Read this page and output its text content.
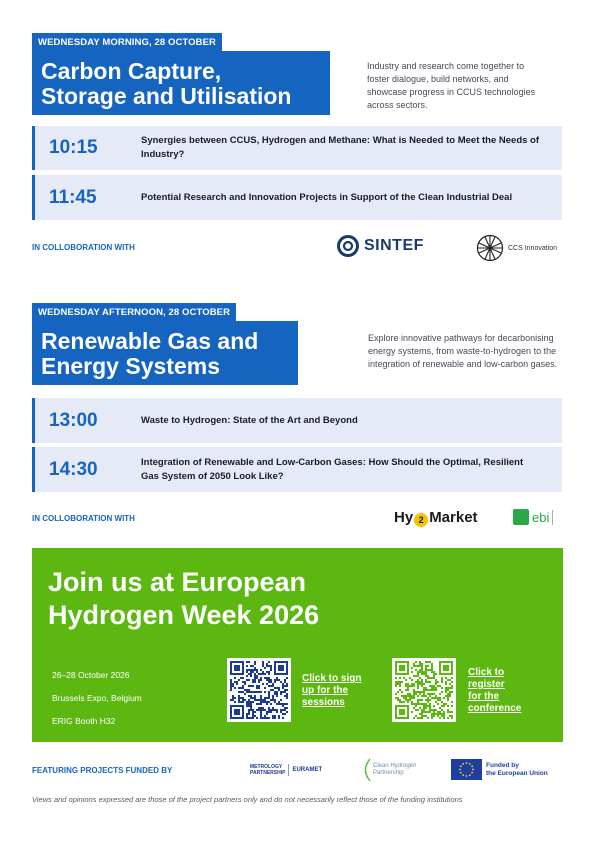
WEDNESDAY MORNING, 28 OCTOBER
Carbon Capture,
Storage and Utilisation
Industry and research come together to foster dialogue, build networks, and showcase progress in CCUS technologies across sectors.
10:15	Synergies between CCUS, Hydrogen and Methane: What is Needed to Meet the Needs of Industry?
11:45	Potential Research and Innovation Projects in Support of the Clean Industrial Deal
IN COLLOBORATION WITH	SINTEF	CCS Innovation
WEDNESDAY AFTERNOON, 28 OCTOBER
Renewable Gas and
Energy Systems
Explore innovative pathways for decarbonising energy systems, from waste-to-hydrogen to the integration of renewable and low-carbon gases.
13:00	Waste to Hydrogen: State of the Art and Beyond
14:30	Integration of Renewable and Low-Carbon Gases: How Should the Optimal, Resilient Gas System of 2050 Look Like?
IN COLLOBORATION WITH	Hy 2 Market	ebi
Join us at European
Hydrogen Week 2026
26–28 October 2026
Brussels Expo, Belgium
ERIG Booth H32
Click to sign
up for the
sessions
Click to
register
for the
conference
FEATURING PROJECTS FUNDED BY	METROLOGY
PARTNERSHIP EURAMET
Clean Hydrogen
Partnership
Funded by
the European Union
Views and opinions expressed are those of the project partners only and do not necessarily reflect those of the funding institutions
